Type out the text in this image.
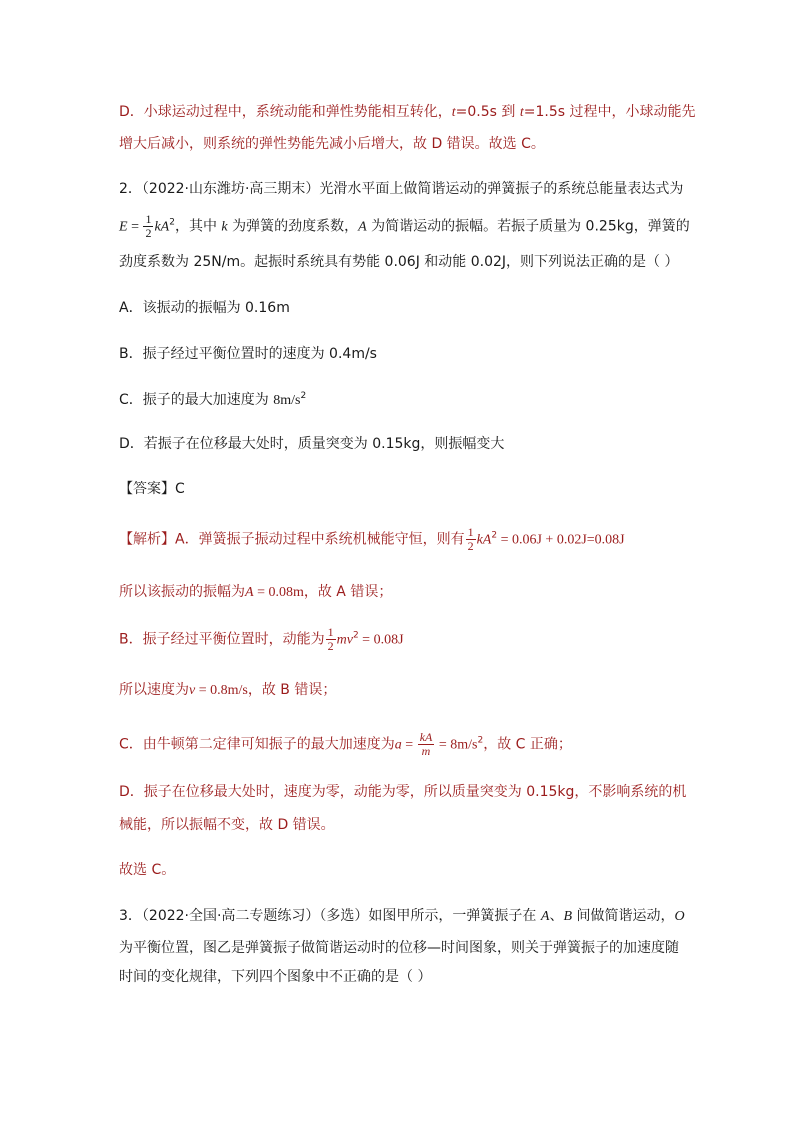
D．小球运动过程中，系统动能和弹性势能相互转化，t=0.5s 到 t=1.5s 过程中，小球动能先
增大后减小，则系统的弹性势能先减小后增大，故 D 错误。故选 C。
2．（2022·山东潍坊·高三期末）光滑水平面上做简谐运动的弹簧振子的系统总能量表达式为
$E = \frac{1}{2} kA^2$，其中 k 为弹簧的劲度系数，A 为简谐运动的振幅。若振子质量为 0.25kg，弹簧的
劲度系数为 25N/m。起振时系统具有势能 0.06J 和动能 0.02J，则下列说法正确的是（ ）
A．该振动的振幅为 0.16m
B．振子经过平衡位置时的速度为 0.4m/s
C．振子的最大加速度为 $8m/s^2$
D．若振子在位移最大处时，质量突变为 0.15kg，则振幅变大
【答案】C
【解析】A．弹簧振子振动过程中系统机械能守恒，则有 $\frac{1}{2} kA^2 = 0.06J + 0.02J=0.08J$
所以该振动的振幅为A = 0.08m，故 A 错误；
B．振子经过平衡位置时，动能为 $\frac{1}{2} mv^2 = 0.08J$
所以速度为v = 0.8m/s，故 B 错误；
C．由牛顿第二定律可知振子的最大加速度为$a = \frac{kA}{m} = 8m/s^2$，故 C 正确；
D．振子在位移最大处时，速度为零，动能为零，所以质量突变为 0.15kg，不影响系统的机
械能，所以振幅不变，故 D 错误。
故选 C。
3．（2022·全国·高二专题练习）（多选）如图甲所示，一弹簧振子在 A、B 间做简谐运动，O
为平衡位置，图乙是弹簧振子做简谐运动时的位移—时间图象，则关于弹簧振子的加速度随
时间的变化规律，下列四个图象中不正确的是（ ）
